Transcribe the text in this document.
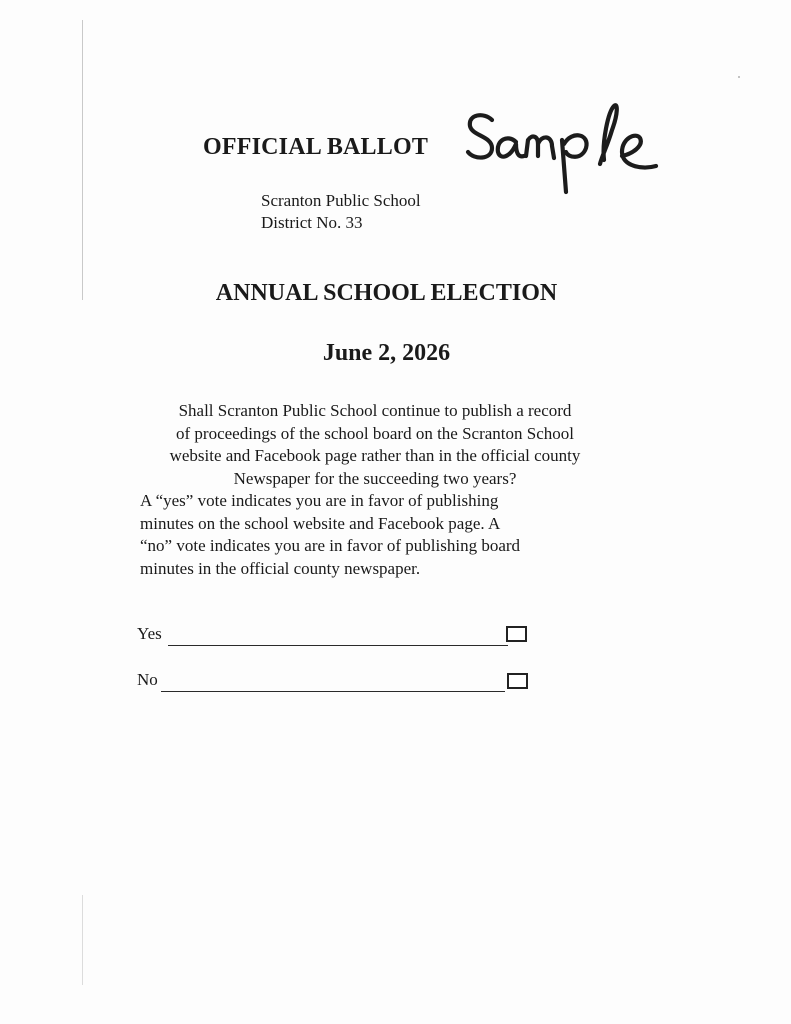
OFFICIAL BALLOT
Scranton Public School
District No. 33
ANNUAL SCHOOL ELECTION
June 2, 2026

Shall Scranton Public School continue to publish a record

of proceedings of the school board on the Scranton School

website and Facebook page rather than in the official county

Newspaper for the succeeding two years?

A “yes” vote indicates you are in favor of publishing

minutes on the school website and Facebook page. A

“no” vote indicates you are in favor of publishing board

minutes in the official county newspaper.

Yes
No
